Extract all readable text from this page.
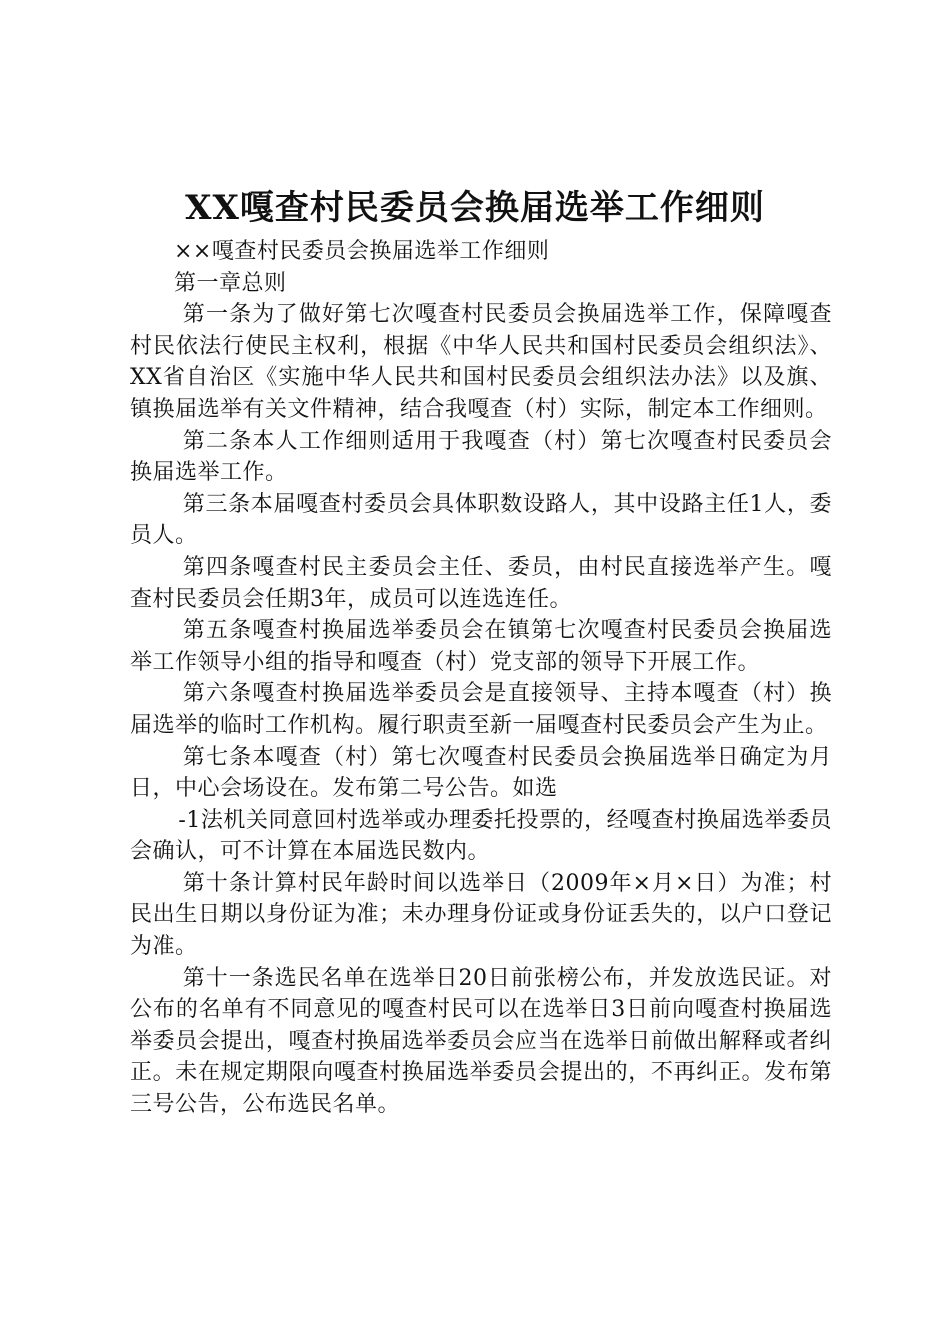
XX嘎查村民委员会换届选举工作细则

××嘎查村民委员会换届选举工作细则

第一章总则

第一条为了做好第七次嘎查村民委员会换届选举工作，保障嘎查村民依法行使民主权利，根据《中华人民共和国村民委员会组织法》、XX省自治区《实施中华人民共和国村民委员会组织法办法》以及旗、镇换届选举有关文件精神，结合我嘎查（村）实际，制定本工作细则。

第二条本人工作细则适用于我嘎查（村）第七次嘎查村民委员会换届选举工作。

第三条本届嘎查村委员会具体职数设路人，其中设路主任1人，委员人。

第四条嘎查村民主委员会主任、委员，由村民直接选举产生。嘎查村民委员会任期3年，成员可以连选连任。

第五条嘎查村换届选举委员会在镇第七次嘎查村民委员会换届选举工作领导小组的指导和嘎查（村）党支部的领导下开展工作。

第六条嘎查村换届选举委员会是直接领导、主持本嘎查（村）换届选举的临时工作机构。履行职责至新一届嘎查村民委员会产生为止。

第七条本嘎查（村）第七次嘎查村民委员会换届选举日确定为月日，中心会场设在。发布第二号公告。如选

-1法机关同意回村选举或办理委托投票的，经嘎查村换届选举委员会确认，可不计算在本届选民数内。

第十条计算村民年龄时间以选举日（2009年×月×日）为准；村民出生日期以身份证为准；未办理身份证或身份证丢失的，以户口登记为准。

第十一条选民名单在选举日20日前张榜公布，并发放选民证。对公布的名单有不同意见的嘎查村民可以在选举日3日前向嘎查村换届选举委员会提出，嘎查村换届选举委员会应当在选举日前做出解释或者纠正。未在规定期限向嘎查村换届选举委员会提出的，不再纠正。发布第三号公告，公布选民名单。
